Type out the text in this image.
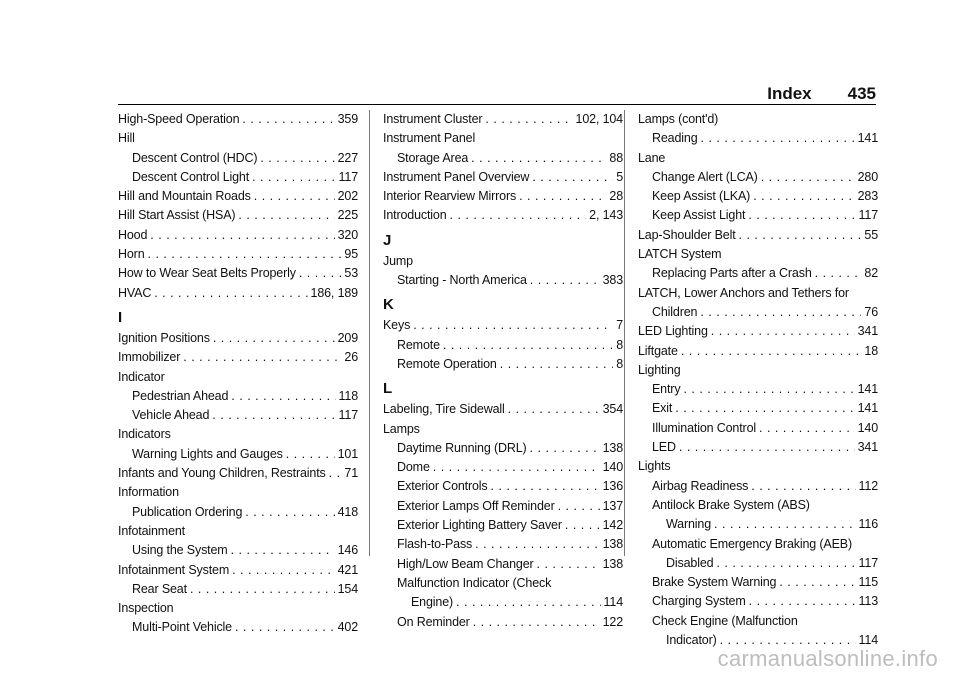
Index 435
High-Speed Operation . . .	359
Hill
Descent Control (HDC) . . .	227
Descent Control Light . . .	117
Hill and Mountain Roads . . .	202
Hill Start Assist (HSA) . . .	225
Hood . . .	320
Horn . . .	95
How to Wear Seat Belts Properly . . .	53
HVAC . . .	186, 189
I
Ignition Positions . . .	209
Immobilizer . . .	26
Indicator
Pedestrian Ahead . . .	118
Vehicle Ahead . . .	117
Indicators
Warning Lights and Gauges . . .	101
Infants and Young Children, Restraints . . . 71
Information
Publication Ordering . . .	418
Infotainment
Using the System . . .	146
Infotainment System . . .	421
Rear Seat . . .	154
Inspection
Multi-Point Vehicle . . .	402
Instrument Cluster . . .	102, 104
Instrument Panel
Storage Area . . .	88
Instrument Panel Overview . . .	5
Interior Rearview Mirrors . . .	28
Introduction . . .	2, 143
J
Jump
Starting - North America . . .	383
K
Keys . . .	7
Remote . . .	8
Remote Operation . . .	8
L
Labeling, Tire Sidewall . . .	354
Lamps
Daytime Running (DRL) . . .	138
Dome . . .	140
Exterior Controls . . .	136
Exterior Lamps Off Reminder . . .	137
Exterior Lighting Battery Saver . . .	142
Flash-to-Pass . . .	138
High/Low Beam Changer . . .	138
Malfunction Indicator (Check
Engine) . . .	114
On Reminder . . .	122
Lamps (cont'd)
Reading . . .	141
Lane
Change Alert (LCA) . . .	280
Keep Assist (LKA) . . .	283
Keep Assist Light . . .	117
Lap-Shoulder Belt . . .	55
LATCH System
Replacing Parts after a Crash . . .	82
LATCH, Lower Anchors and Tethers for
Children . . .	76
LED Lighting . . .	341
Liftgate . . .	18
Lighting
Entry . . .	141
Exit . . .	141
Illumination Control . . .	140
LED . . .	341
Lights
Airbag Readiness . . .	112
Antilock Brake System (ABS)
Warning . . .	116
Automatic Emergency Braking (AEB)
Disabled . . .	117
Brake System Warning . . .	115
Charging System . . .	113
Check Engine (Malfunction
Indicator) . . .	114
carmanualsonline.info
